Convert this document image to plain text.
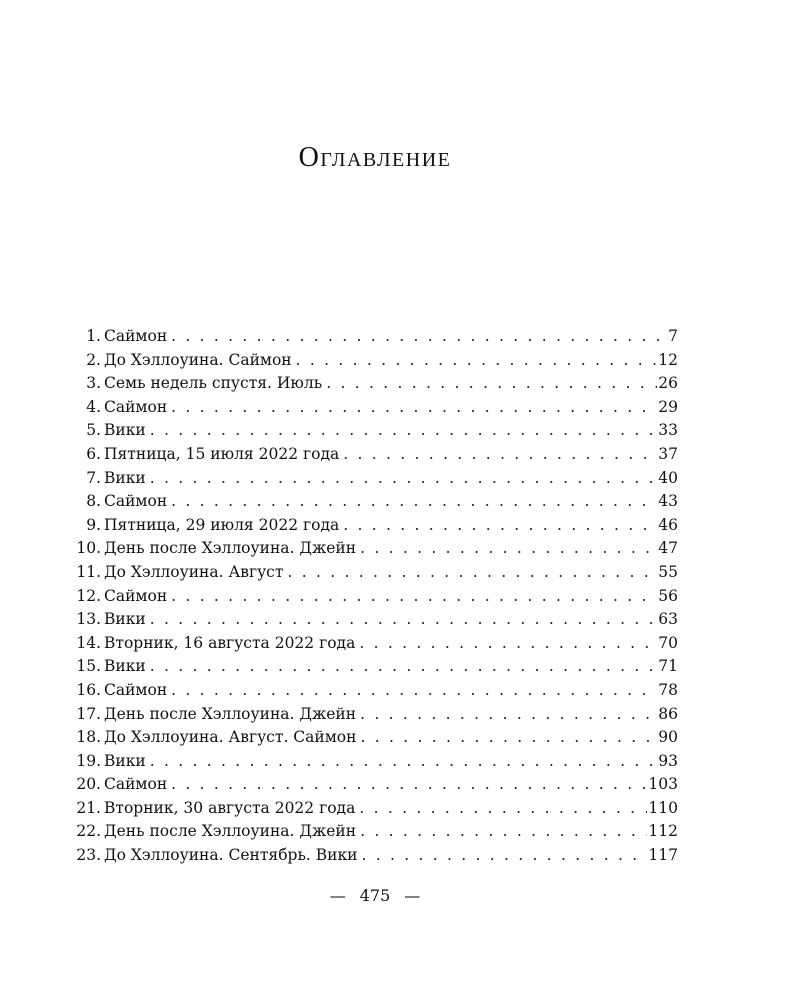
Оглавление
1. Саймон . . .	7
2. До Хэллоуина. Саймон . . .	12
3. Семь недель спустя. Июль . . .	26
4. Саймон . . .	29
5. Вики . . .	33
6. Пятница, 15 июля 2022 года . . .	37
7. Вики . . .	40
8. Саймон . . .	43
9. Пятница, 29 июля 2022 года . . .	46
10. День после Хэллоуина. Джейн . . .	47
11. До Хэллоуина. Август . . .	55
12. Саймон . . .	56
13. Вики . . .	63
14. Вторник, 16 августа 2022 года . . .	70
15. Вики . . .	71
16. Саймон . . .	78
17. День после Хэллоуина. Джейн . . .	86
18. До Хэллоуина. Август. Саймон . . .	90
19. Вики . . .	93
20. Саймон . . .	103
21. Вторник, 30 августа 2022 года . . .	110
22. День после Хэллоуина. Джейн . . .	112
23. До Хэллоуина. Сентябрь. Вики . . .	117
— 475 —
